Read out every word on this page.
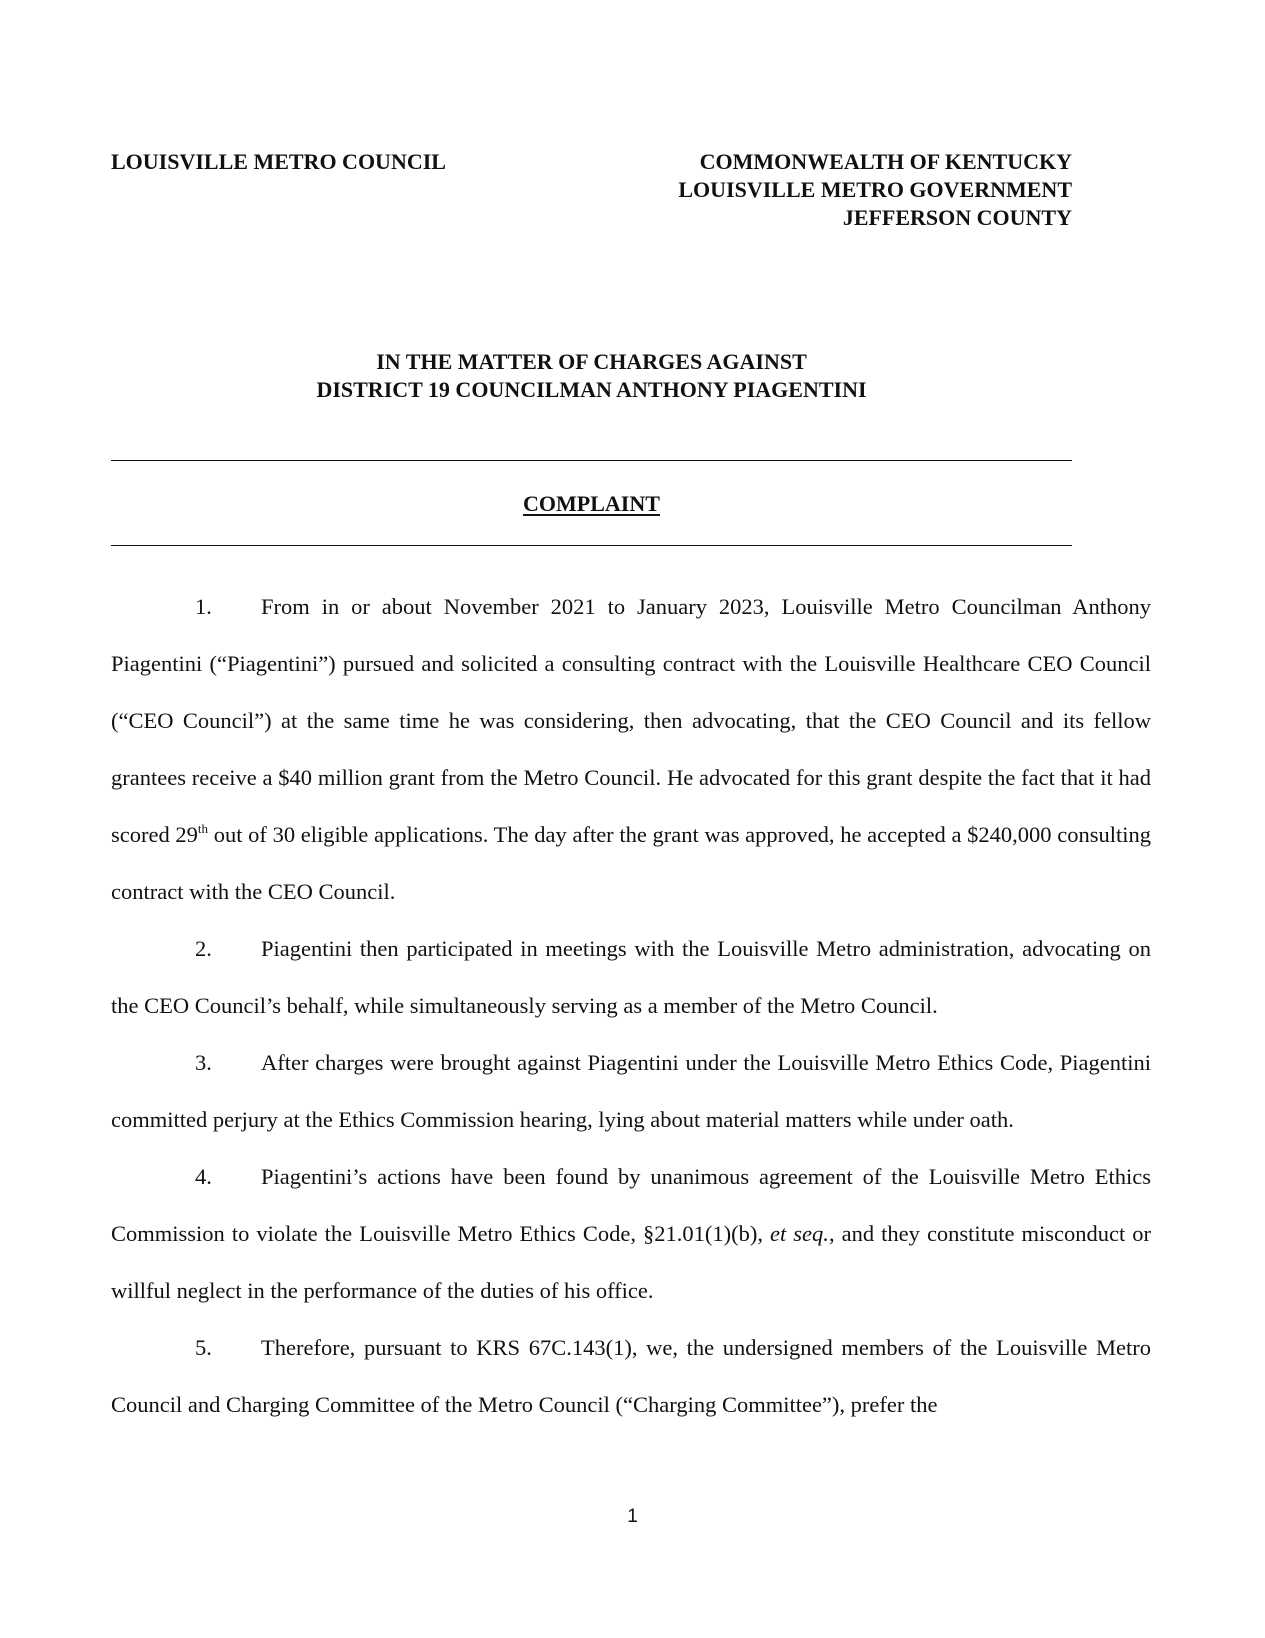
LOUISVILLE METRO COUNCIL	COMMONWEALTH OF KENTUCKY
LOUISVILLE METRO GOVERNMENT
JEFFERSON COUNTY
IN THE MATTER OF CHARGES AGAINST
DISTRICT 19 COUNCILMAN ANTHONY PIAGENTINI
COMPLAINT

1. From in or about November 2021 to January 2023, Louisville Metro Councilman Anthony Piagentini (“Piagentini”) pursued and solicited a consulting contract with the Louisville Healthcare CEO Council (“CEO Council”) at the same time he was considering, then advocating, that the CEO Council and its fellow grantees receive a $40 million grant from the Metro Council. He advocated for this grant despite the fact that it had scored 29th out of 30 eligible applications. The day after the grant was approved, he accepted a $240,000 consulting contract with the CEO Council.

2. Piagentini then participated in meetings with the Louisville Metro administration, advocating on the CEO Council’s behalf, while simultaneously serving as a member of the Metro Council.

3. After charges were brought against Piagentini under the Louisville Metro Ethics Code, Piagentini committed perjury at the Ethics Commission hearing, lying about material matters while under oath.

4. Piagentini’s actions have been found by unanimous agreement of the Louisville Metro Ethics Commission to violate the Louisville Metro Ethics Code, §21.01(1)(b), et seq., and they constitute misconduct or willful neglect in the performance of the duties of his office.

5. Therefore, pursuant to KRS 67C.143(1), we, the undersigned members of the Louisville Metro Council and Charging Committee of the Metro Council (“Charging Committee”), prefer the

1
